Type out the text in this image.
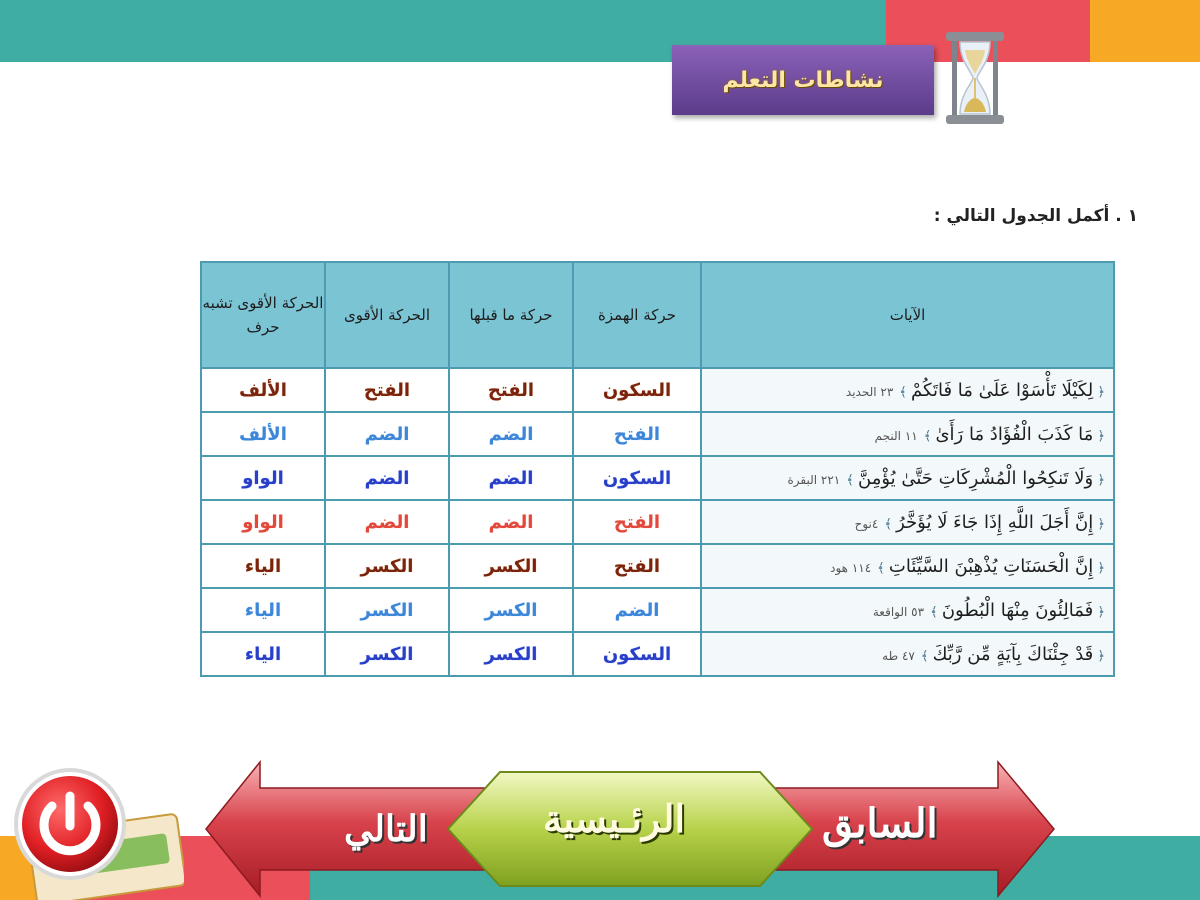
نشاطات التعلم
١ . أكمل الجدول التالي :
الآيات	حركة الهمزة	حركة ما قبلها	الحركة الأقوى	الحركة الأقوى تشبه حرف
﴿ لِكَيْلَا تَأْسَوْا عَلَىٰ مَا فَاتَكُمْ ﴾٢٣ الحديد	السكون	الفتح	الفتح	الألف
﴿ مَا كَذَبَ الْفُؤَادُ مَا رَأَىٰ ﴾١١ النجم	الفتح	الضم	الضم	الألف
﴿ وَلَا تَنكِحُوا الْمُشْرِكَاتِ حَتَّىٰ يُؤْمِنَّ ﴾٢٢١ البقرة	السكون	الضم	الضم	الواو
﴿ إِنَّ أَجَلَ اللَّهِ إِذَا جَاءَ لَا يُؤَخَّرُ ﴾٤نوح	الفتح	الضم	الضم	الواو
﴿ إِنَّ الْحَسَنَاتِ يُذْهِبْنَ السَّيِّئَاتِ ﴾١١٤ هود	الفتح	الكسر	الكسر	الياء
﴿ فَمَالِئُونَ مِنْهَا الْبُطُونَ ﴾٥٣ الواقعة	الضم	الكسر	الكسر	الياء
﴿ قَدْ جِئْنَاكَ بِآيَةٍ مِّن رَّبِّكَ ﴾٤٧ طه	السكون	الكسر	الكسر	الياء
السابق
الرئـيسية
التالي
